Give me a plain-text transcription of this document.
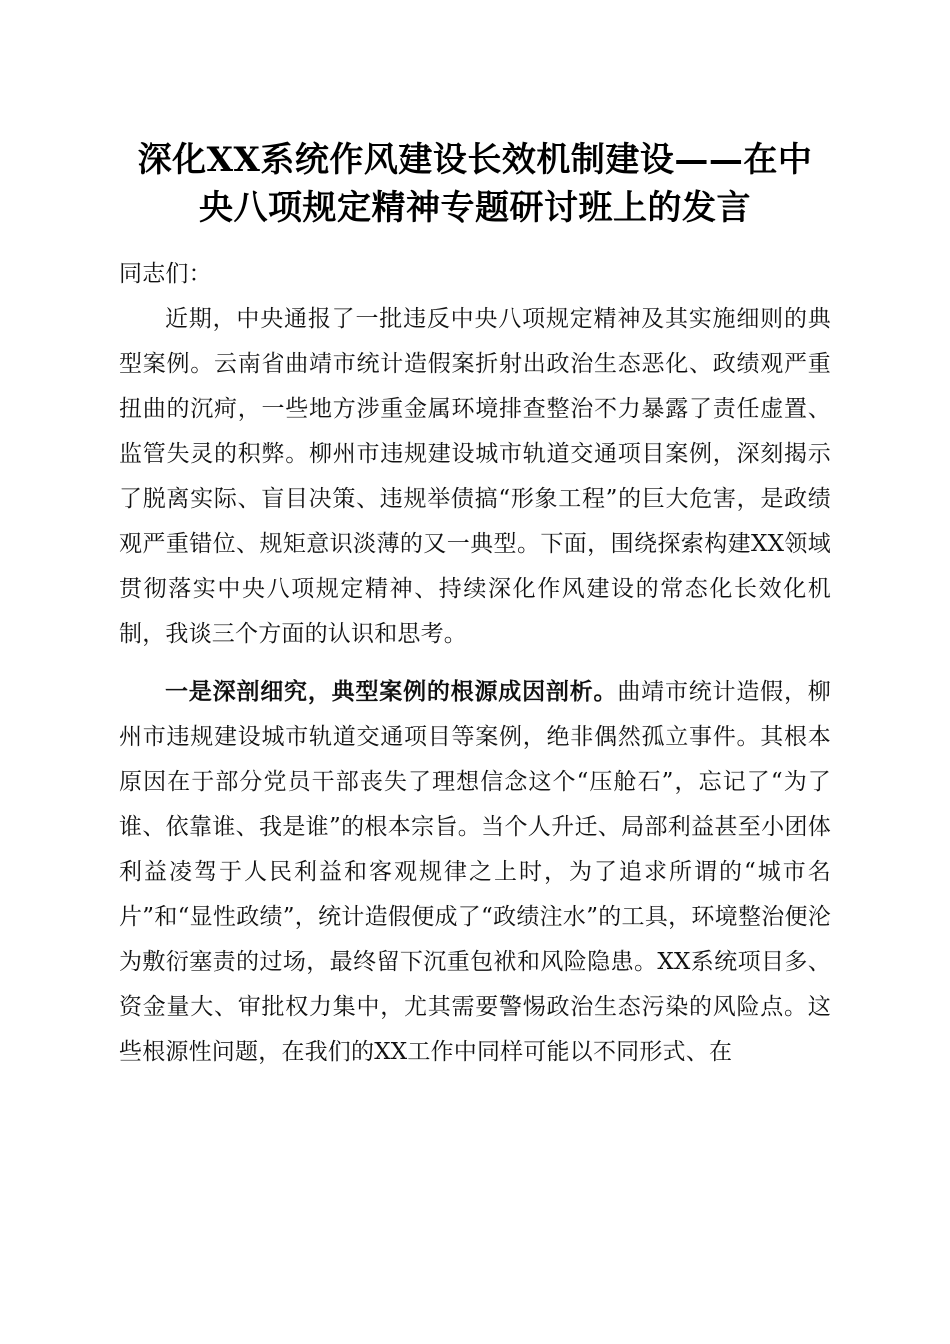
深化XX系统作风建设长效机制建设——在中
央八项规定精神专题研讨班上的发言

同志们：

近期，中央通报了一批违反中央八项规定精神及其实施细则的典型案例。云南省曲靖市统计造假案折射出政治生态恶化、政绩观严重扭曲的沉疴，一些地方涉重金属环境排查整治不力暴露了责任虚置、监管失灵的积弊。柳州市违规建设城市轨道交通项目案例，深刻揭示了脱离实际、盲目决策、违规举债搞“形象工程”的巨大危害，是政绩观严重错位、规矩意识淡薄的又一典型。下面，围绕探索构建XX领域贯彻落实中央八项规定精神、持续深化作风建设的常态化长效化机制，我谈三个方面的认识和思考。

一是深剖细究，典型案例的根源成因剖析。曲靖市统计造假，柳州市违规建设城市轨道交通项目等案例，绝非偶然孤立事件。其根本原因在于部分党员干部丧失了理想信念这个“压舱石”，忘记了“为了谁、依靠谁、我是谁”的根本宗旨。当个人升迁、局部利益甚至小团体利益凌驾于人民利益和客观规律之上时，为了追求所谓的“城市名片”和“显性政绩”，统计造假便成了“政绩注水”的工具，环境整治便沦为敷衍塞责的过场，最终留下沉重包袱和风险隐患。XX系统项目多、资金量大、审批权力集中，尤其需要警惕政治生态污染的风险点。这些根源性问题，在我们的XX工作中同样可能以不同形式、在
